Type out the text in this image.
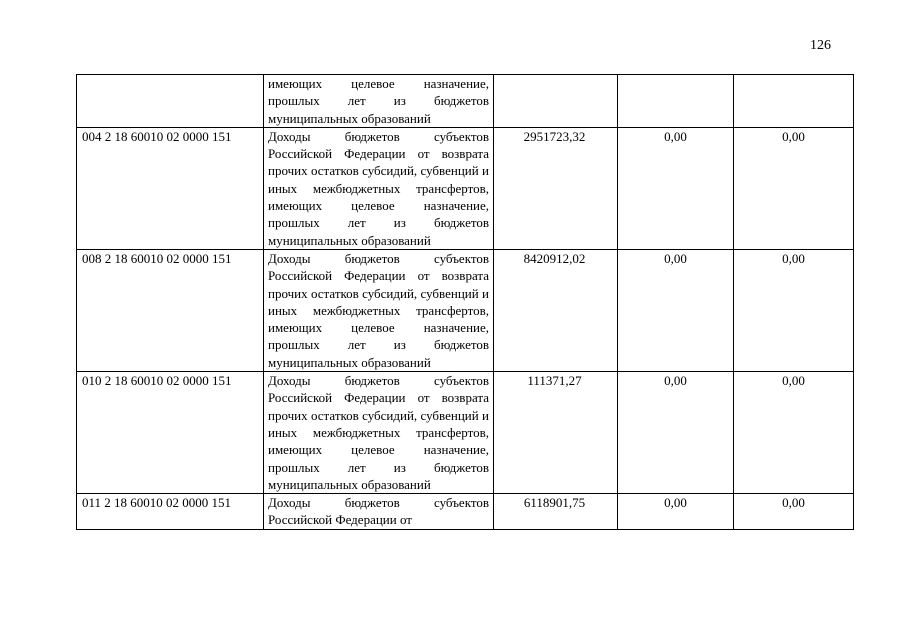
126
	имеющих целевое назначение, прошлых лет из бюджетов муниципальных образований			
004 2 18 60010 02 0000 151	Доходы бюджетов субъектов Российской Федерации от возврата прочих остатков субсидий, субвенций и иных межбюджетных трансфертов, имеющих целевое назначение, прошлых лет из бюджетов муниципальных образований	2951723,32	0,00	0,00
008 2 18 60010 02 0000 151	Доходы бюджетов субъектов Российской Федерации от возврата прочих остатков субсидий, субвенций и иных межбюджетных трансфертов, имеющих целевое назначение, прошлых лет из бюджетов муниципальных образований	8420912,02	0,00	0,00
010 2 18 60010 02 0000 151	Доходы бюджетов субъектов Российской Федерации от возврата прочих остатков субсидий, субвенций и иных межбюджетных трансфертов, имеющих целевое назначение, прошлых лет из бюджетов муниципальных образований	111371,27	0,00	0,00
011 2 18 60010 02 0000 151	Доходы бюджетов субъектов Российской Федерации от	6118901,75	0,00	0,00
